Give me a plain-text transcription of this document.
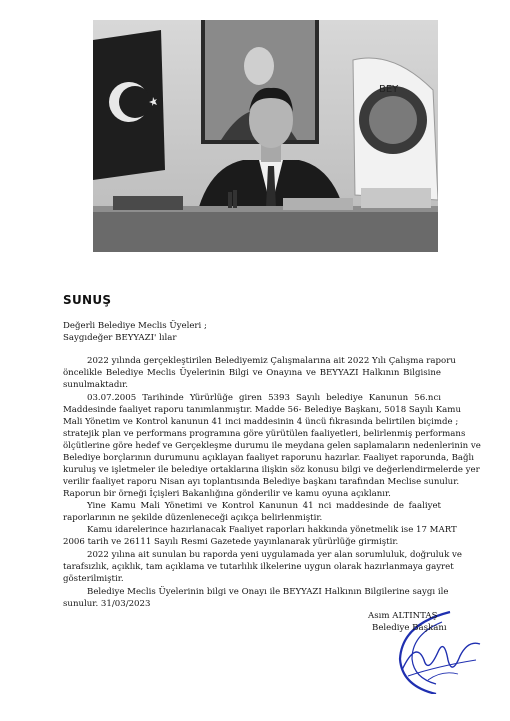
BEY
SUNUŞ
Değerli Belediye Meclis Üyeleri ;
Saygıdeğer BEYYAZI' lılar
2022 yılında gerçekleştirilen Belediyemiz Çalışmalarına ait 2022 Yılı Çalışma raporu
öncelikle Belediye Meclis Üyelerinin Bilgi ve Onayına ve BEYYAZI Halkının Bilgisine
sunulmaktadır.
03.07.2005 Tarihinde Yürürlüğe giren 5393 Sayılı belediye Kanunun 56.ncı
Maddesinde faaliyet raporu tanımlanmıştır. Madde 56- Belediye Başkanı, 5018 Sayılı Kamu
Mali Yönetim ve Kontrol kanunun 41 inci maddesinin 4 üncü fıkrasında belirtilen biçimde ;
stratejik plan ve performans programına göre yürütülen faaliyetleri, belirlenmiş performans
ölçütlerine göre hedef ve Gerçekleşme durumu ile meydana gelen saplamaların nedenlerinin ve
Belediye borçlarının durumunu açıklayan faaliyet raporunu hazırlar. Faaliyet raporunda, Bağlı
kuruluş ve işletmeler ile belediye ortaklarına ilişkin söz konusu bilgi ve değerlendirmelerde yer
verilir faaliyet raporu Nisan ayı toplantısında Belediye başkanı tarafından Meclise sunulur.
Raporun bir örneği İçişleri Bakanlığına gönderilir ve kamu oyuna açıklanır.
Yine Kamu Mali Yönetimi ve Kontrol Kanunun 41 nci maddesinde de faaliyet
raporlarının ne şekilde düzenleneceği açıkça belirlenmiştir.
Kamu idarelerince hazırlanacak Faaliyet raporları hakkında yönetmelik ise 17 MART
2006 tarih ve 26111 Sayılı Resmi Gazetede yayınlanarak yürürlüğe girmiştir.
2022 yılına ait sunulan bu raporda yeni uygulamada yer alan sorumluluk, doğruluk ve
tarafsızlık, açıklık, tam açıklama ve tutarlılık ilkelerine uygun olarak hazırlanmaya gayret
gösterilmiştir.
Belediye Meclis Üyelerinin bilgi ve Onayı ile BEYYAZI Halkının Bilgilerine saygı ile
sunulur. 31/03/2023
Asım ALTINTAŞ
Belediye Başkanı
